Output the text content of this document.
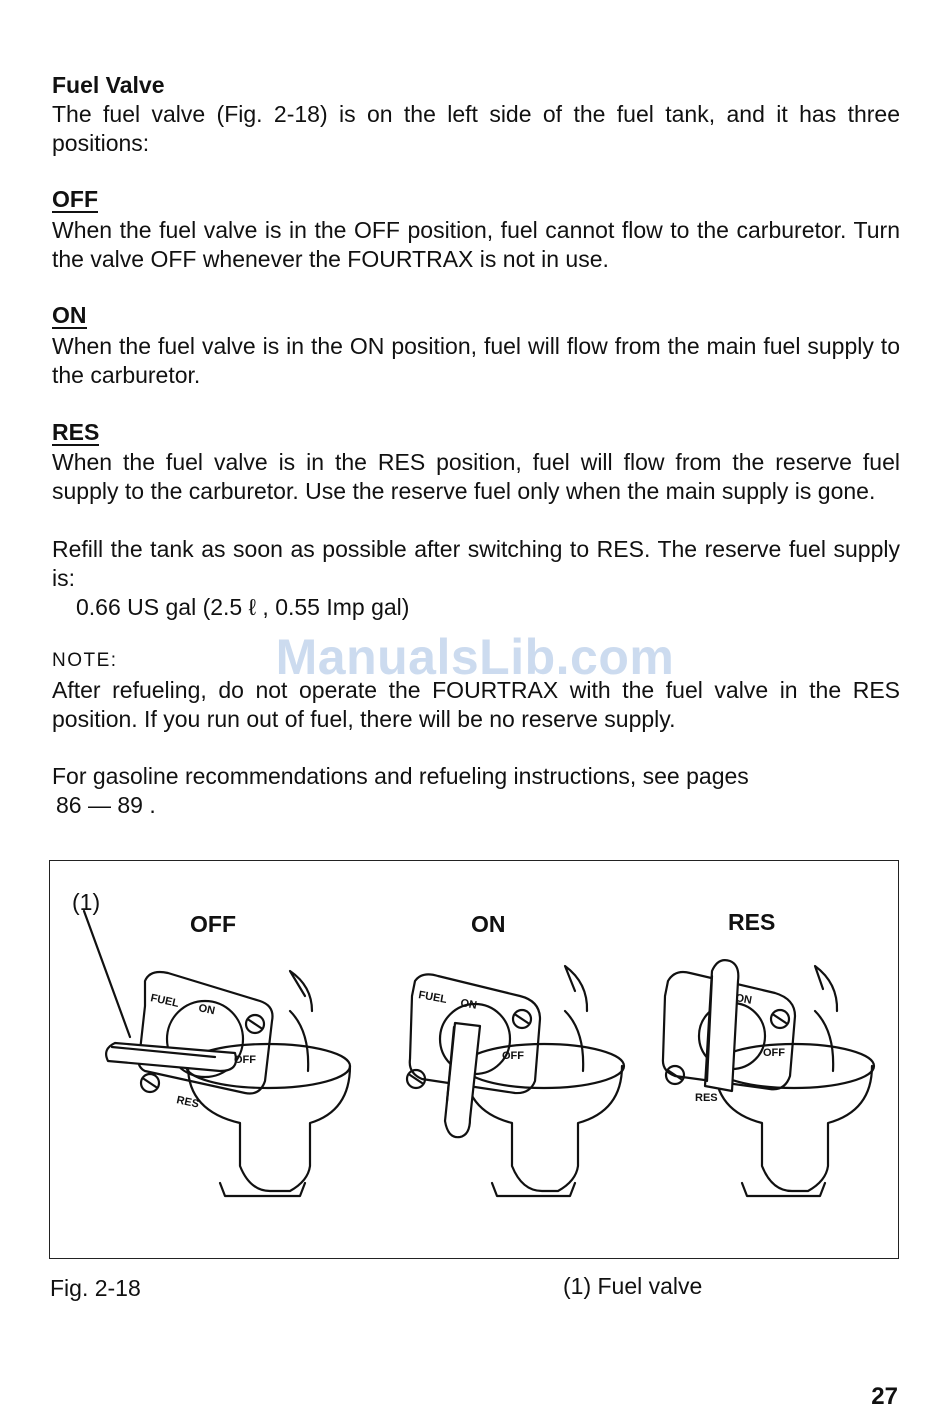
Fuel Valve

The fuel valve (Fig. 2-18) is on the left side of the fuel tank, and it has three positions:

OFF

When the fuel valve is in the OFF position, fuel cannot flow to the carburetor. Turn the valve OFF whenever the FOURTRAX is not in use.

ON

When the fuel valve is in the ON position, fuel will flow from the main fuel supply to the carburetor.

RES

When the fuel valve is in the RES position, fuel will flow from the reserve fuel supply to the carburetor. Use the reserve fuel only when the main supply is gone.

Refill the tank as soon as possible after switching to RES. The reserve fuel supply is:

0.66 US gal (2.5 ℓ , 0.55 Imp gal)

ManualsLib.com
NOTE:

After refueling, do not operate the FOURTRAX with the fuel valve in the RES position. If you run out of fuel, there will be no reserve supply.

For gasoline recommendations and refueling instructions, see pages

86 — 89 .
FUEL ON
OFF
RES
FUEL ON
OFF
ON
OFF
RES
(1)
OFF	ON	RES
Fig. 2-18	(1) Fuel valve
27
